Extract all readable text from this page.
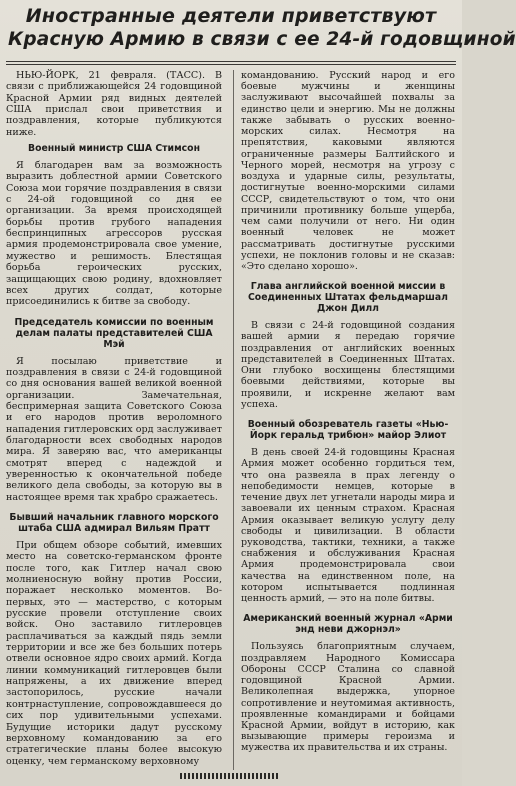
Иностранные деятели приветствуют
Красную Армию в связи с ее 24-й годовщиной

НЬЮ-ЙОРК, 21 февраля. (ТАСС). В связи с приближающейся 24 годовщиной Красной Армии ряд видных деятелей США прислал свои приветствия и поздравления, которые публикуются ниже.

Военный министр США Стимсон

Я благодарен вам за возможность выразить доблестной армии Советского Союза мои горячие поздравления в связи с 24-ой годовщиной со дня ее организации. За время происходящей борьбы против грубого нападения беспринципных агрессоров русская армия продемонстрировала свое умение, мужество и решимость. Блестящая борьба героических русских, защищающих свою родину, вдохновляет всех других солдат, которые присоединились к битве за свободу.

Председатель комиссии по военным делам палаты представителей США Мэй

Я посылаю приветствие и поздравления в связи с 24-й годовщиной со дня основания вашей великой военной организации. Замечательная, беспримерная защита Советского Союза и его народов против вероломного нападения гитлеровских орд заслуживает благодарности всех свободных народов мира. Я заверяю вас, что американцы смотрят вперед с надеждой и уверенностью к окончательной победе великого дела свободы, за которую вы в настоящее время так храбро сражаетесь.

Бывший начальник главного морского штаба США адмирал Вильям Пратт

При общем обзоре событий, имевших место на советско-германском фронте после того, как Гитлер начал свою молниеносную войну против России, поражает несколько моментов. Во-первых, это — мастерство, с которым русские провели отступление своих войск. Оно заставило гитлеровцев расплачиваться за каждый пядь земли территории и все же без больших потерь отвели основное ядро своих армий. Когда линии коммуникаций гитлеровцев были напряжены, а их движение вперед застопорилось, русские начали контрнаступление, сопровождавшееся до сих пор удивительными успехами. Будущие историки дадут русскому верховному командованию за его стратегические планы более высокую оценку, чем германскому верховному

командованию. Русский народ и его боевые мужчины и женщины заслуживают высочайшей похвалы за единство цели и энергию. Мы не должны также забывать о русских военно-морских силах. Несмотря на препятствия, каковыми являются ограниченные размеры Балтийского и Черного морей, несмотря на угрозу с воздуха и ударные силы, результаты, достигнутые военно-морскими силами СССР, свидетельствуют о том, что они причинили противнику больше ущерба, чем сами получили от него. Ни один военный человек не может рассматривать достигнутые русскими успехи, не поклонив головы и не сказав: «Это сделано хорошо».

Глава английской военной миссии в Соединенных Штатах фельдмаршал Джон Дилл

В связи с 24-й годовщиной создания вашей армии я передаю горячие поздравления от английских военных представителей в Соединенных Штатах. Они глубоко восхищены блестящими боевыми действиями, которые вы проявили, и искренне желают вам успеха.

Военный обозреватель газеты «Нью-Йорк геральд трибюн» майор Элиот

В день своей 24-й годовщины Красная Армия может особенно гордиться тем, что она развеяла в прах легенду о непобедимости немцев, которые в течение двух лет угнетали народы мира и завоевали их ценным страхом. Красная Армия оказывает великую услугу делу свободы и цивилизации. В области руководства, тактики, техники, а также снабжения и обслуживания Красная Армия продемонстрировала свои качества на единственном поле, на котором испытывается подлинная ценность армий, — это на поле битвы.

Американский военный журнал «Арми энд неви джорнэл»

Пользуясь благоприятным случаем, поздравляем Народного Комиссара Обороны СССР Сталина со славной годовщиной Красной Армии. Великолепная выдержка, упорное сопротивление и неутомимая активность, проявленные командирами и бойцами Красной Армии, войдут в историю, как вызывающие примеры героизма и мужества их правительства и их страны.
